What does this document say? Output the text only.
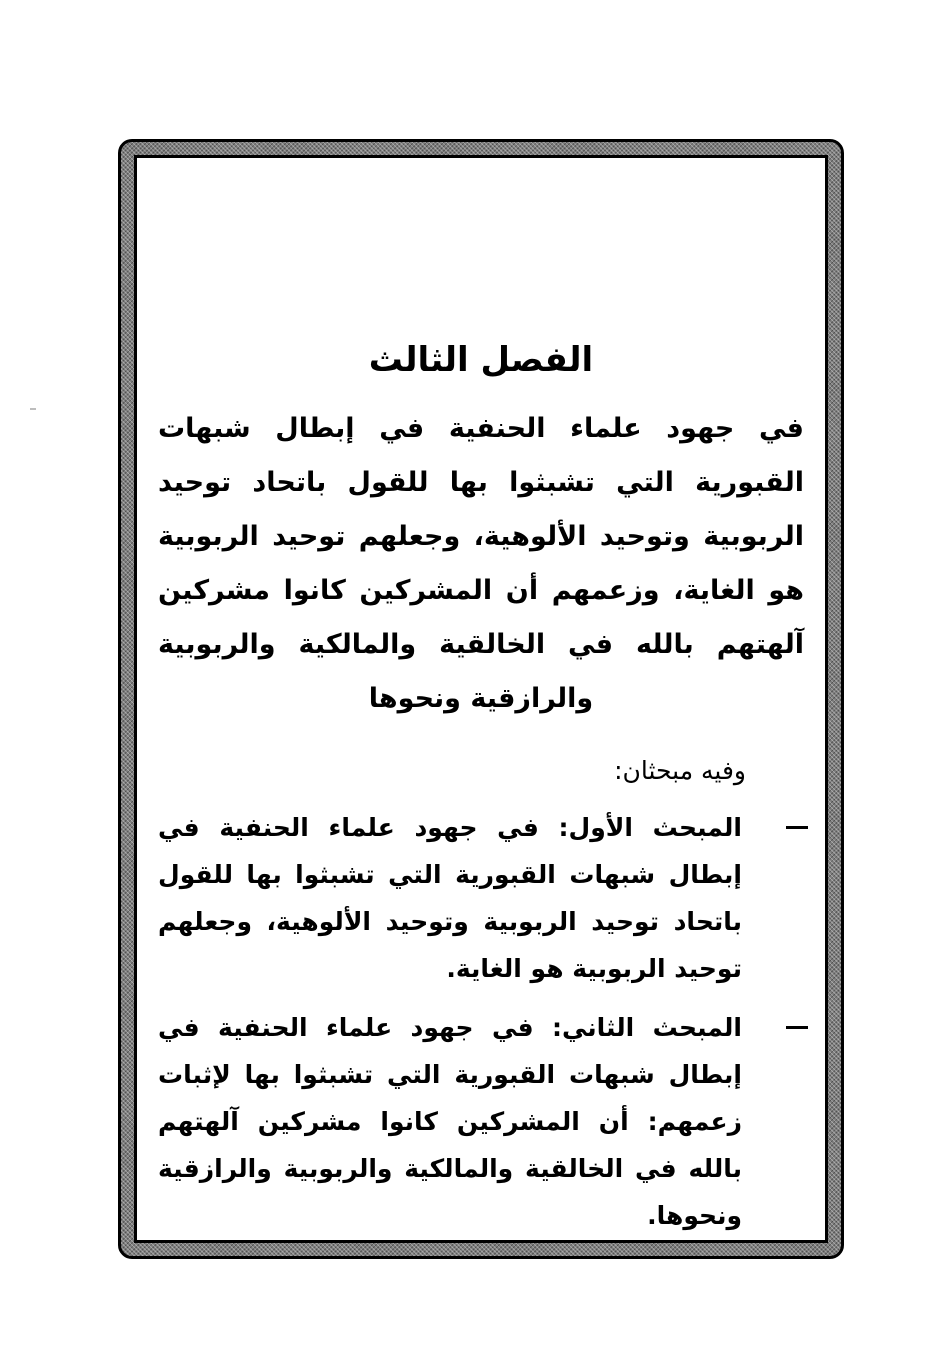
الفصل الثالث

في جهود علماء الحنفية في إبطال شبهات القبورية التي تشبثوا بها للقول باتحاد توحيد الربوبية وتوحيد الألوهية، وجعلهم توحيد الربوبية هو الغاية، وزعمهم أن المشركين كانوا مشركين آلهتهم بالله في الخالقية والمالكية والربوبية والرازقية ونحوها

وفيه مبحثان:

المبحث الأول: في جهود علماء الحنفية في إبطال شبهات القبورية التي تشبثوا بها للقول باتحاد توحيد الربوبية وتوحيد الألوهية، وجعلهم توحيد الربوبية هو الغاية.
المبحث الثاني: في جهود علماء الحنفية في إبطال شبهات القبورية التي تشبثوا بها لإثبات زعمهم: أن المشركين كانوا مشركين آلهتهم بالله في الخالقية والمالكية والربوبية والرازقية ونحوها.
